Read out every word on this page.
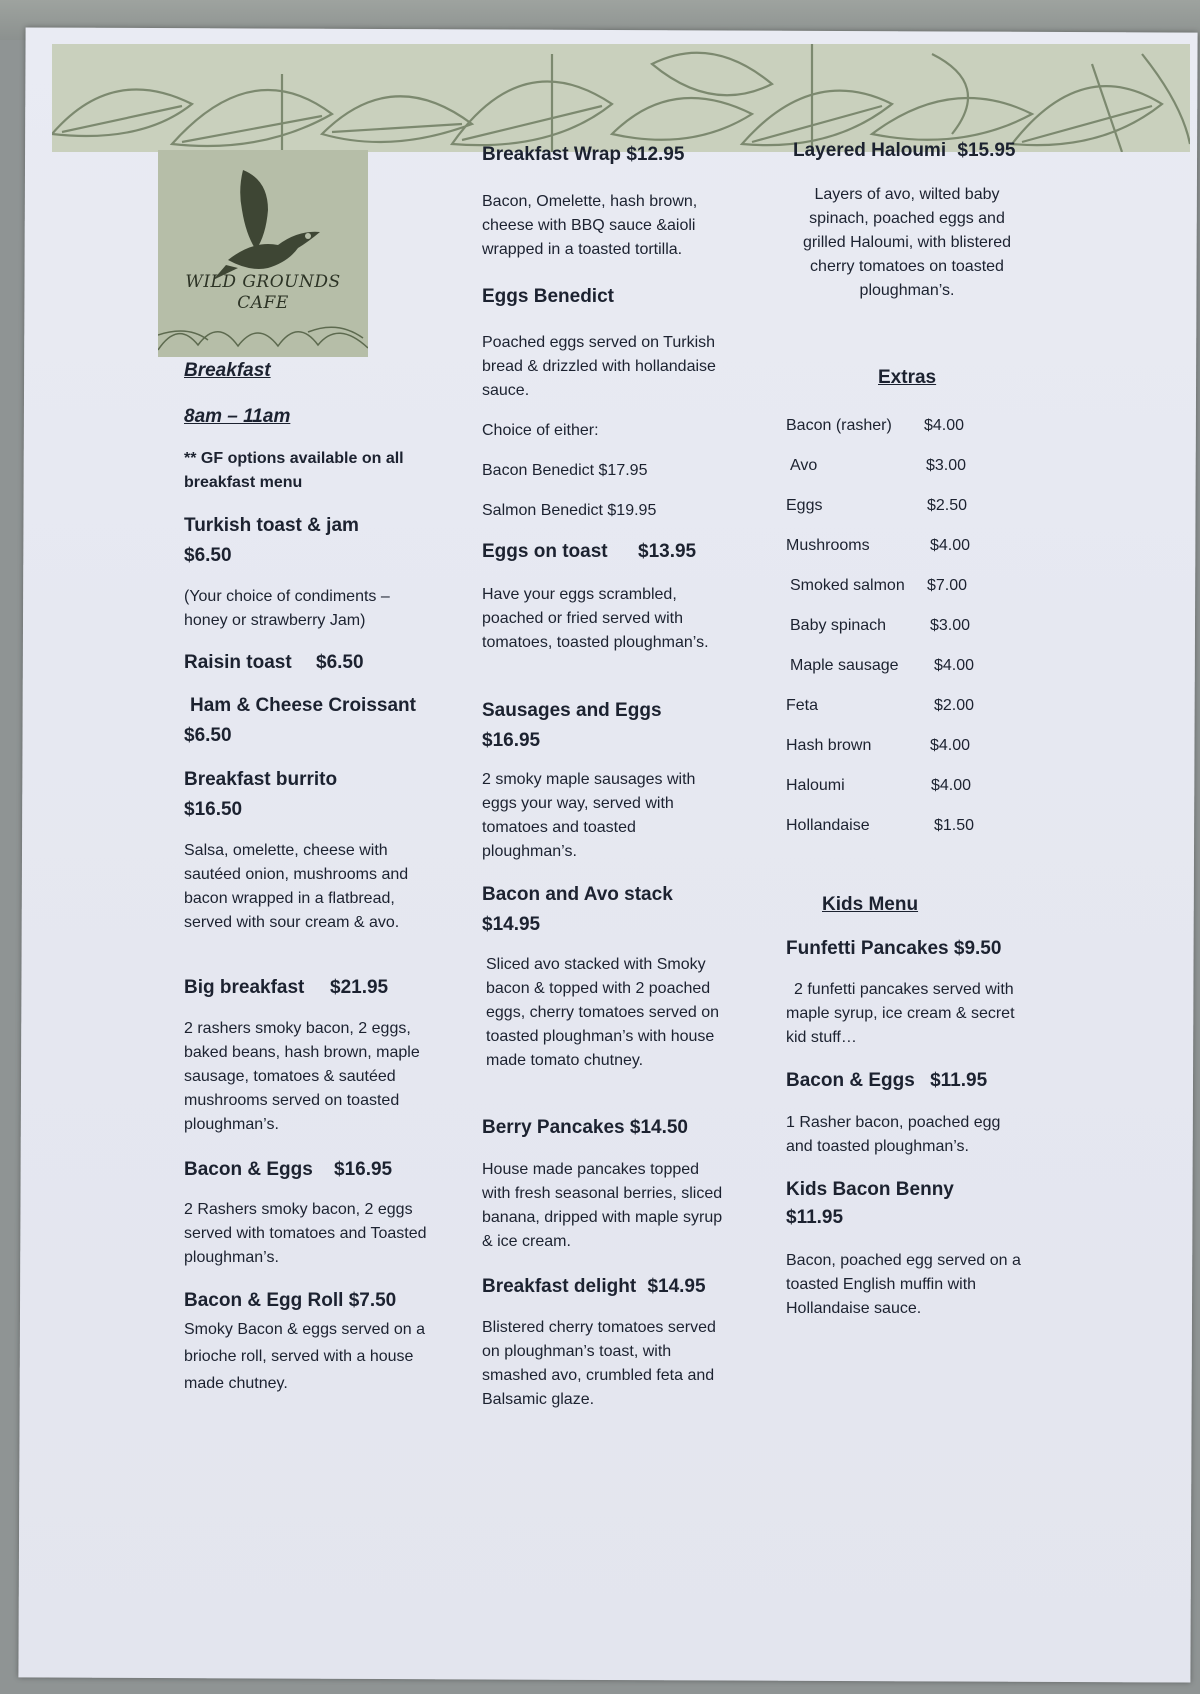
WILD GROUNDS
CAFE
Breakfast
8am – 11am
** GF options available on all breakfast menu
Turkish toast & jam
$6.50
(Your choice of condiments – honey or strawberry Jam)
Raisin toast $6.50
Ham & Cheese Croissant
$6.50
Breakfast burrito
$16.50
Salsa, omelette, cheese with sautéed onion, mushrooms and bacon wrapped in a flatbread, served with sour cream & avo.
Big breakfast $21.95
2 rashers smoky bacon, 2 eggs, baked beans, hash brown, maple sausage, tomatoes & sautéed mushrooms served on toasted ploughman’s.
Bacon & Eggs $16.95
2 Rashers smoky bacon, 2 eggs served with tomatoes and Toasted ploughman’s.
Bacon & Egg Roll $7.50
Smoky Bacon & eggs served on a brioche roll, served with a house made chutney.
Breakfast Wrap $12.95
Bacon, Omelette, hash brown, cheese with BBQ sauce &aioli wrapped in a toasted tortilla.
Eggs Benedict
Poached eggs served on Turkish bread & drizzled with hollandaise sauce.
Choice of either:
Bacon Benedict $17.95
Salmon Benedict $19.95
Eggs on toast $13.95
Have your eggs scrambled, poached or fried served with tomatoes, toasted ploughman’s.
Sausages and Eggs
$16.95
2 smoky maple sausages with eggs your way, served with tomatoes and toasted ploughman’s.
Bacon and Avo stack
$14.95
Sliced avo stacked with Smoky bacon & topped with 2 poached eggs, cherry tomatoes served on toasted ploughman’s with house made tomato chutney.
Berry Pancakes $14.50
House made pancakes topped with fresh seasonal berries, sliced banana, dripped with maple syrup & ice cream.
Breakfast delight $14.95
Blistered cherry tomatoes served on ploughman’s toast, with smashed avo, crumbled feta and Balsamic glaze.
Layered Haloumi $15.95
Layers of avo, wilted baby spinach, poached eggs and grilled Haloumi, with blistered cherry tomatoes on toasted ploughman’s.
Extras
Bacon (rasher) $4.00
Avo	$3.00
Eggs	$2.50
Mushrooms	$4.00
Smoked salmon $7.00
Baby spinach	$3.00
Maple sausage $4.00
Feta	$2.00
Hash brown	$4.00
Haloumi	$4.00
Hollandaise	$1.50
Kids Menu
Funfetti Pancakes $9.50
2 funfetti pancakes served with maple syrup, ice cream & secret kid stuff…
Bacon & Eggs $11.95
1 Rasher bacon, poached egg and toasted ploughman’s.
Kids Bacon Benny
$11.95
Bacon, poached egg served on a toasted English muffin with Hollandaise sauce.
